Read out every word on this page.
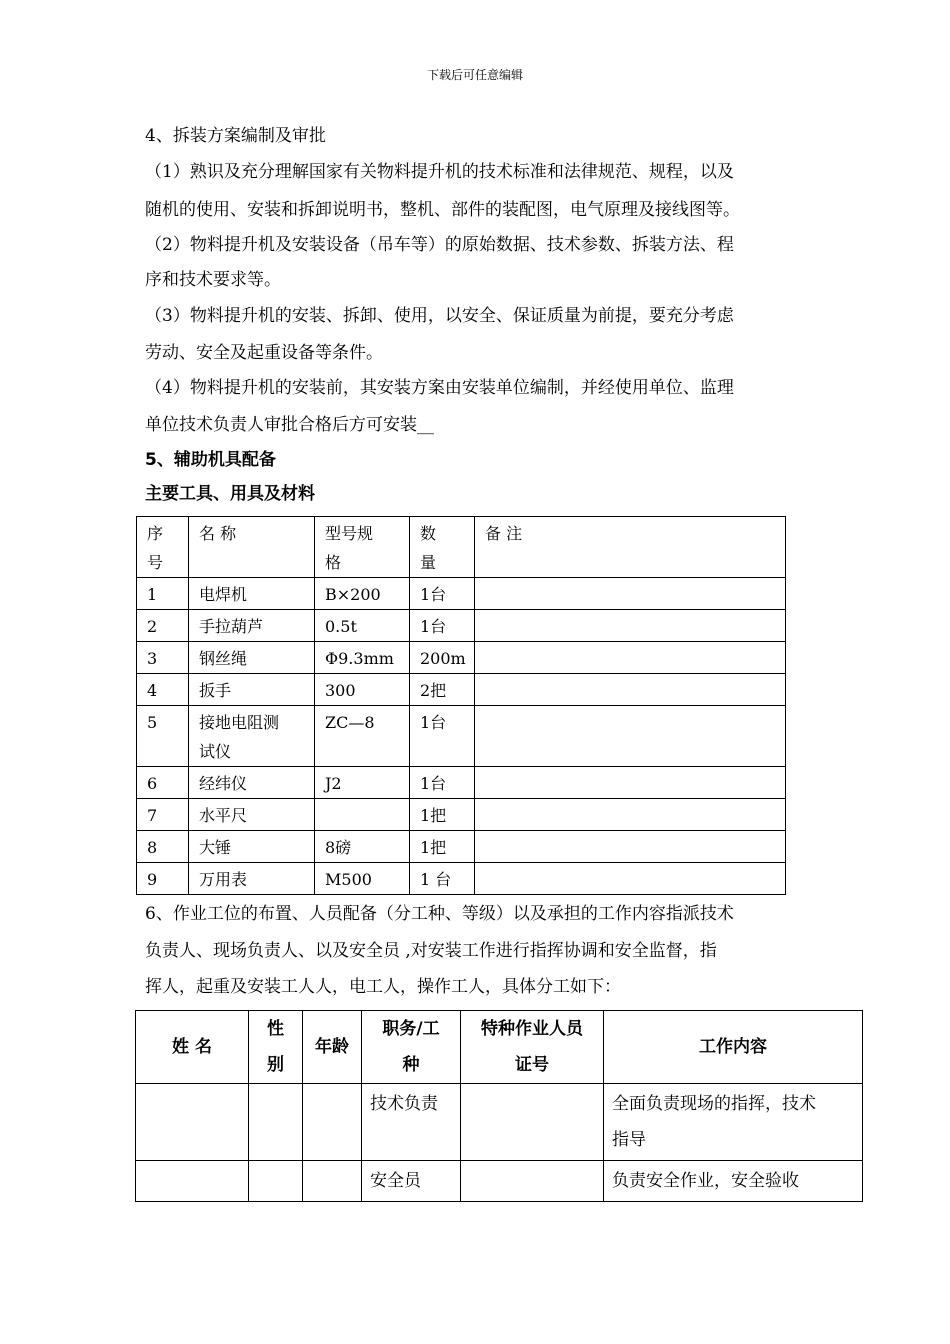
下载后可任意编辑
4、拆装方案编制及审批
（1）熟识及充分理解国家有关物料提升机的技术标准和法律规范、规程，以及
随机的使用、安装和拆卸说明书，整机、部件的装配图，电气原理及接线图等。
（2）物料提升机及安装设备（吊车等）的原始数据、技术参数、拆装方法、程
序和技术要求等。
（3）物料提升机的安装、拆卸、使用，以安全、保证质量为前提，要充分考虑
劳动、安全及起重设备等条件。
（4）物料提升机的安装前，其安装方案由安装单位编制，并经使用单位、监理
单位技术负责人审批合格后方可安装__
5、辅助机具配备
主要工具、用具及材料
序
号	名 称	型号规
格	数
量	备 注
1	电焊机	B×200	1台	
2	手拉葫芦	0.5t	1台	
3	钢丝绳	Φ9.3mm	200m	
4	扳手	300	2把	
5	接地电阻测
试仪	ZC—8	1台	
6	经纬仪	J2	1台	
7	水平尺		1把	
8	大锤	8磅	1把	
9	万用表	M500	1 台	
6、作业工位的布置、人员配备（分工种、等级）以及承担的工作内容指派技术
负责人、现场负责人、以及安全员 ,对安装工作进行指挥协调和安全监督，指
挥人，起重及安装工人人，电工人，操作工人，具体分工如下：
姓 名	性
别	年龄	职务/工
种	特种作业人员
证号	工作内容
			技术负责		全面负责现场的指挥，技术
指导
			安全员		负责安全作业，安全验收
